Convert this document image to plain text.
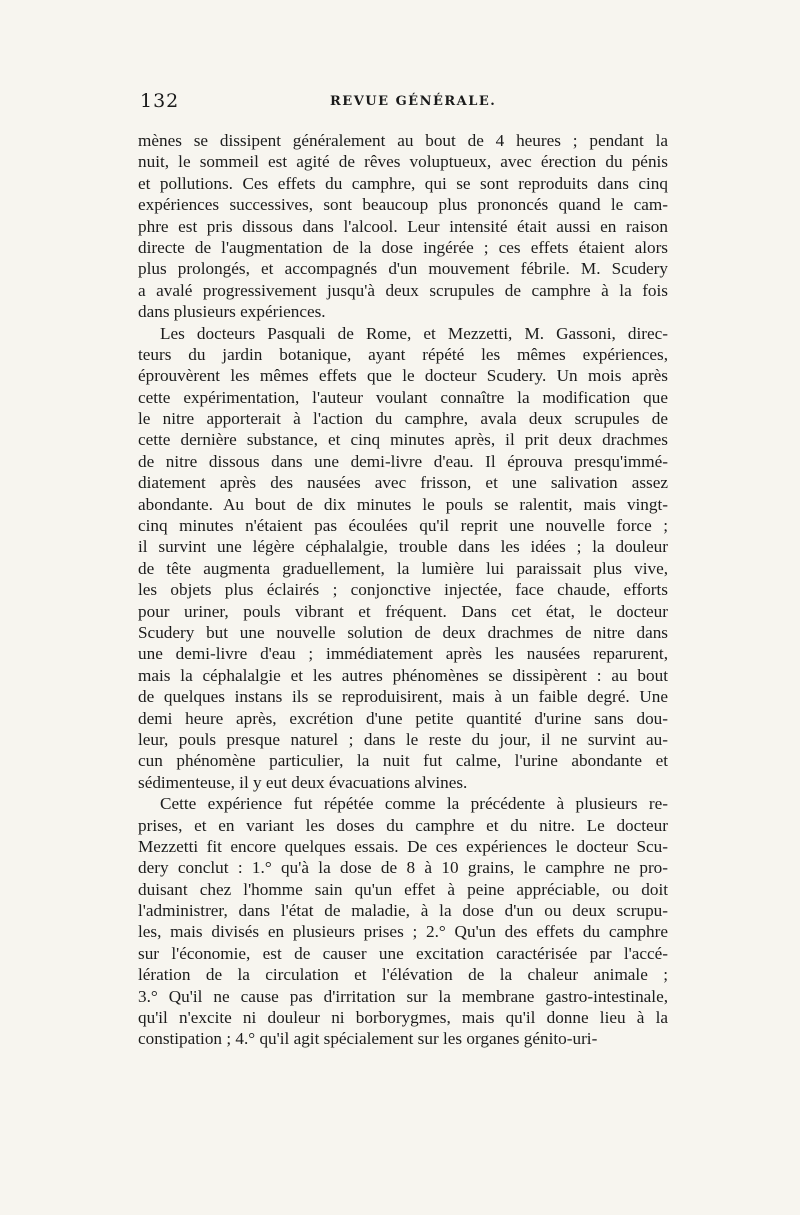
132	REVUE GÉNÉRALE.
mènes se dissipent généralement au bout de 4 heures ; pendant la
nuit, le sommeil est agité de rêves voluptueux, avec érection du pénis
et pollutions. Ces effets du camphre, qui se sont reproduits dans cinq
expériences successives, sont beaucoup plus prononcés quand le cam-
phre est pris dissous dans l'alcool. Leur intensité était aussi en raison
directe de l'augmentation de la dose ingérée ; ces effets étaient alors
plus prolongés, et accompagnés d'un mouvement fébrile. M. Scudery
a avalé progressivement jusqu'à deux scrupules de camphre à la fois
dans plusieurs expériences.
Les docteurs Pasquali de Rome, et Mezzetti, M. Gassoni, direc-
teurs du jardin botanique, ayant répété les mêmes expériences,
éprouvèrent les mêmes effets que le docteur Scudery. Un mois après
cette expérimentation, l'auteur voulant connaître la modification que
le nitre apporterait à l'action du camphre, avala deux scrupules de
cette dernière substance, et cinq minutes après, il prit deux drachmes
de nitre dissous dans une demi-livre d'eau. Il éprouva presqu'immé-
diatement après des nausées avec frisson, et une salivation assez
abondante. Au bout de dix minutes le pouls se ralentit, mais vingt-
cinq minutes n'étaient pas écoulées qu'il reprit une nouvelle force ;
il survint une légère céphalalgie, trouble dans les idées ; la douleur
de tête augmenta graduellement, la lumière lui paraissait plus vive,
les objets plus éclairés ; conjonctive injectée, face chaude, efforts
pour uriner, pouls vibrant et fréquent. Dans cet état, le docteur
Scudery but une nouvelle solution de deux drachmes de nitre dans
une demi-livre d'eau ; immédiatement après les nausées reparurent,
mais la céphalalgie et les autres phénomènes se dissipèrent : au bout
de quelques instans ils se reproduisirent, mais à un faible degré. Une
demi heure après, excrétion d'une petite quantité d'urine sans dou-
leur, pouls presque naturel ; dans le reste du jour, il ne survint au-
cun phénomène particulier, la nuit fut calme, l'urine abondante et
sédimenteuse, il y eut deux évacuations alvines.
Cette expérience fut répétée comme la précédente à plusieurs re-
prises, et en variant les doses du camphre et du nitre. Le docteur
Mezzetti fit encore quelques essais. De ces expériences le docteur Scu-
dery conclut : 1.° qu'à la dose de 8 à 10 grains, le camphre ne pro-
duisant chez l'homme sain qu'un effet à peine appréciable, ou doit
l'administrer, dans l'état de maladie, à la dose d'un ou deux scrupu-
les, mais divisés en plusieurs prises ; 2.° Qu'un des effets du camphre
sur l'économie, est de causer une excitation caractérisée par l'accé-
lération de la circulation et l'élévation de la chaleur animale ;
3.° Qu'il ne cause pas d'irritation sur la membrane gastro-intestinale,
qu'il n'excite ni douleur ni borborygmes, mais qu'il donne lieu à la
constipation ; 4.° qu'il agit spécialement sur les organes génito-uri-
